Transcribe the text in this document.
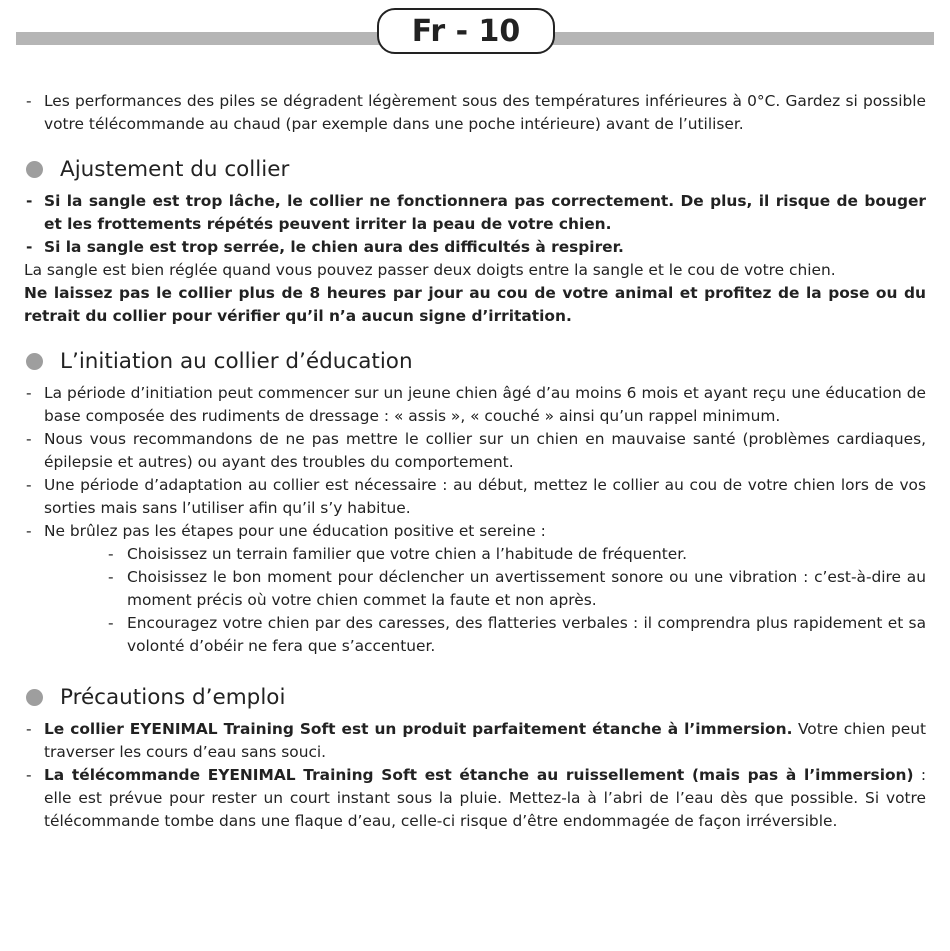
Fr - 10
- Les performances des piles se dégradent légèrement sous des températures inférieures à 0°C. Gardez si possible votre télécommande au chaud (par exemple dans une poche intérieure) avant de l’utiliser.
Ajustement du collier
- Si la sangle est trop lâche, le collier ne fonctionnera pas correctement. De plus, il risque de bouger et les frottements répétés peuvent irriter la peau de votre chien.
- Si la sangle est trop serrée, le chien aura des difficultés à respirer.
La sangle est bien réglée quand vous pouvez passer deux doigts entre la sangle et le cou de votre chien.
Ne laissez pas le collier plus de 8 heures par jour au cou de votre animal et profitez de la pose ou du retrait du collier pour vérifier qu’il n’a aucun signe d’irritation.
L’initiation au collier d’éducation
- La période d’initiation peut commencer sur un jeune chien âgé d’au moins 6 mois et ayant reçu une éducation de base composée des rudiments de dressage : « assis », « couché » ainsi qu’un rappel minimum.
- Nous vous recommandons de ne pas mettre le collier sur un chien en mauvaise santé (problèmes cardiaques, épilepsie et autres) ou ayant des troubles du comportement.
- Une période d’adaptation au collier est nécessaire : au début, mettez le collier au cou de votre chien lors de vos sorties mais sans l’utiliser afin qu’il s’y habitue.
- Ne brûlez pas les étapes pour une éducation positive et sereine :
- Choisissez un terrain familier que votre chien a l’habitude de fréquenter.
- Choisissez le bon moment pour déclencher un avertissement sonore ou une vibration : c’est-à-dire au moment précis où votre chien commet la faute et non après.
- Encouragez votre chien par des caresses, des flatteries verbales : il comprendra plus rapidement et sa volonté d’obéir ne fera que s’accentuer.
Précautions d’emploi
- Le collier EYENIMAL Training Soft est un produit parfaitement étanche à l’immersion. Votre chien peut traverser les cours d’eau sans souci.
- La télécommande EYENIMAL Training Soft est étanche au ruissellement (mais pas à l’immersion) : elle est prévue pour rester un court instant sous la pluie. Mettez-la à l’abri de l’eau dès que possible. Si votre télécommande tombe dans une flaque d’eau, celle-ci risque d’être endommagée de façon irréversible.
